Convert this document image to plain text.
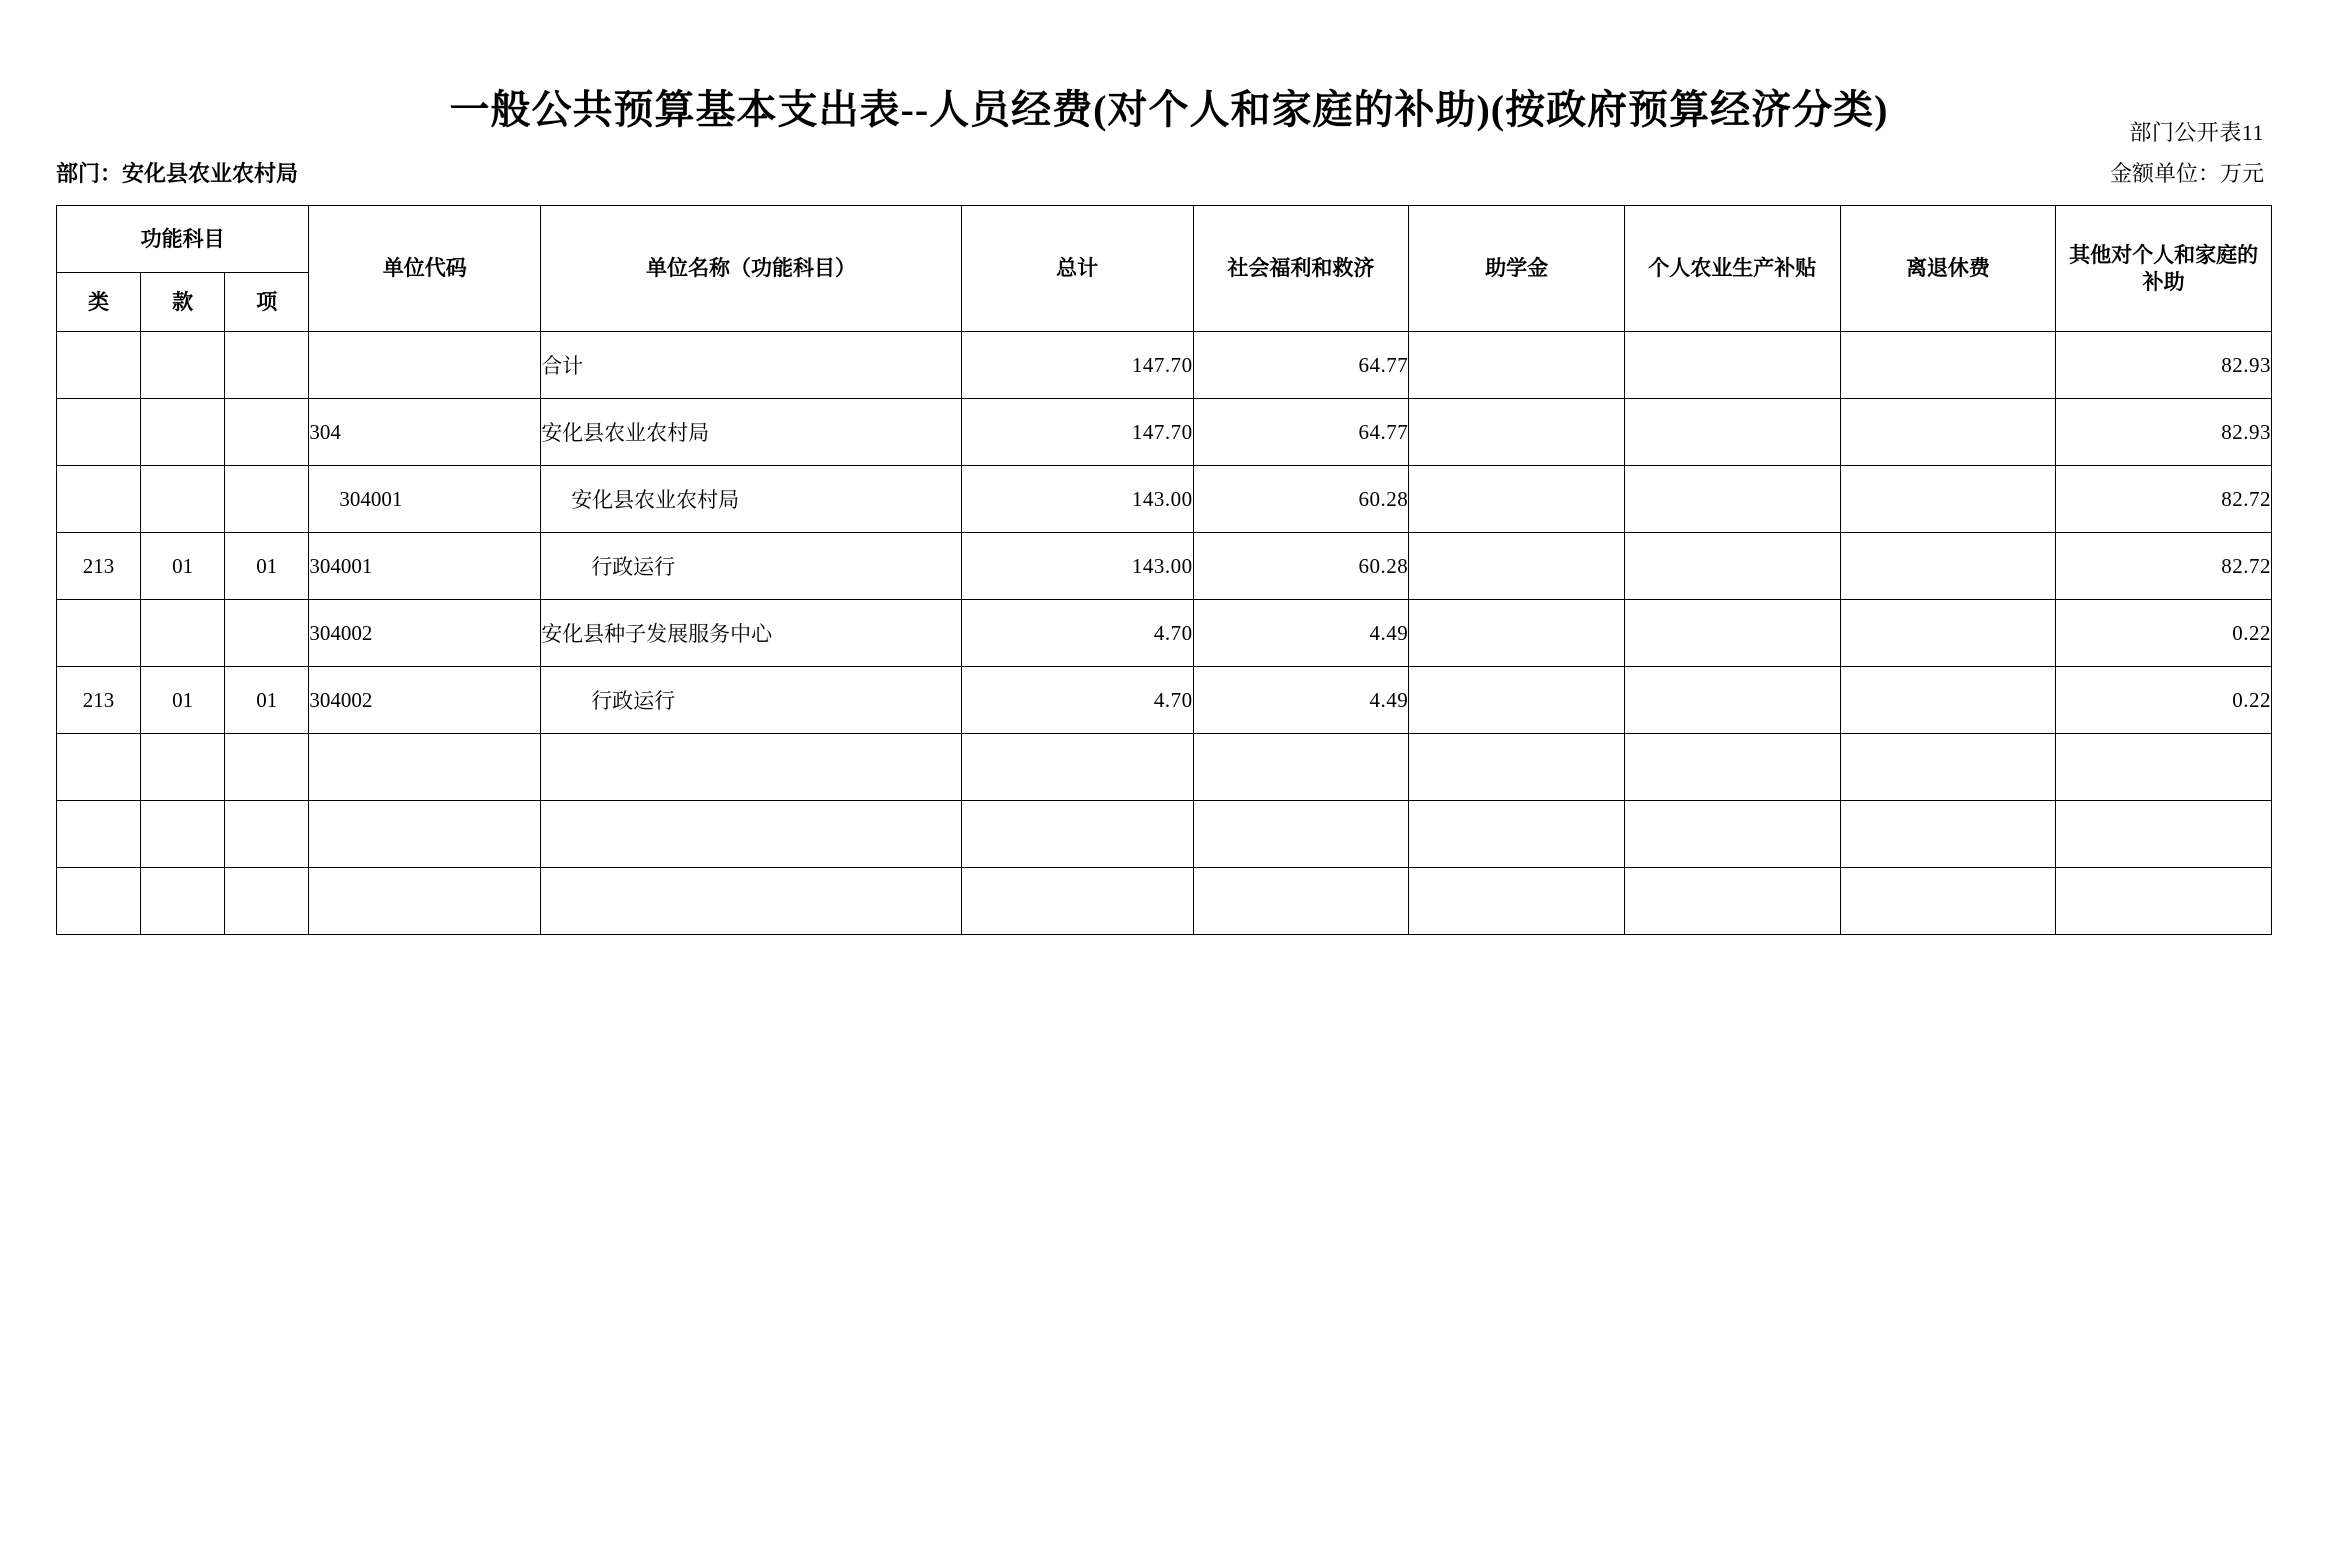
部门公开表11
一般公共预算基本支出表--人员经费(对个人和家庭的补助)(按政府预算经济分类)
部门：安化县农业农村局	金额单位：万元
功能科目			单位代码	单位名称（功能科目）	总计	社会福利和救济	助学金	个人农业生产补贴	离退休费	其他对个人和家庭的补助
类	款	项								
				合计	147.70	64.77				82.93
			304	安化县农业农村局	147.70	64.77				82.93
			304001	安化县农业农村局	143.00	60.28				82.72
213	01	01	304001	行政运行	143.00	60.28				82.72
			304002	安化县种子发展服务中心	4.70	4.49				0.22
213	01	01	304002	行政运行	4.70	4.49				0.22
